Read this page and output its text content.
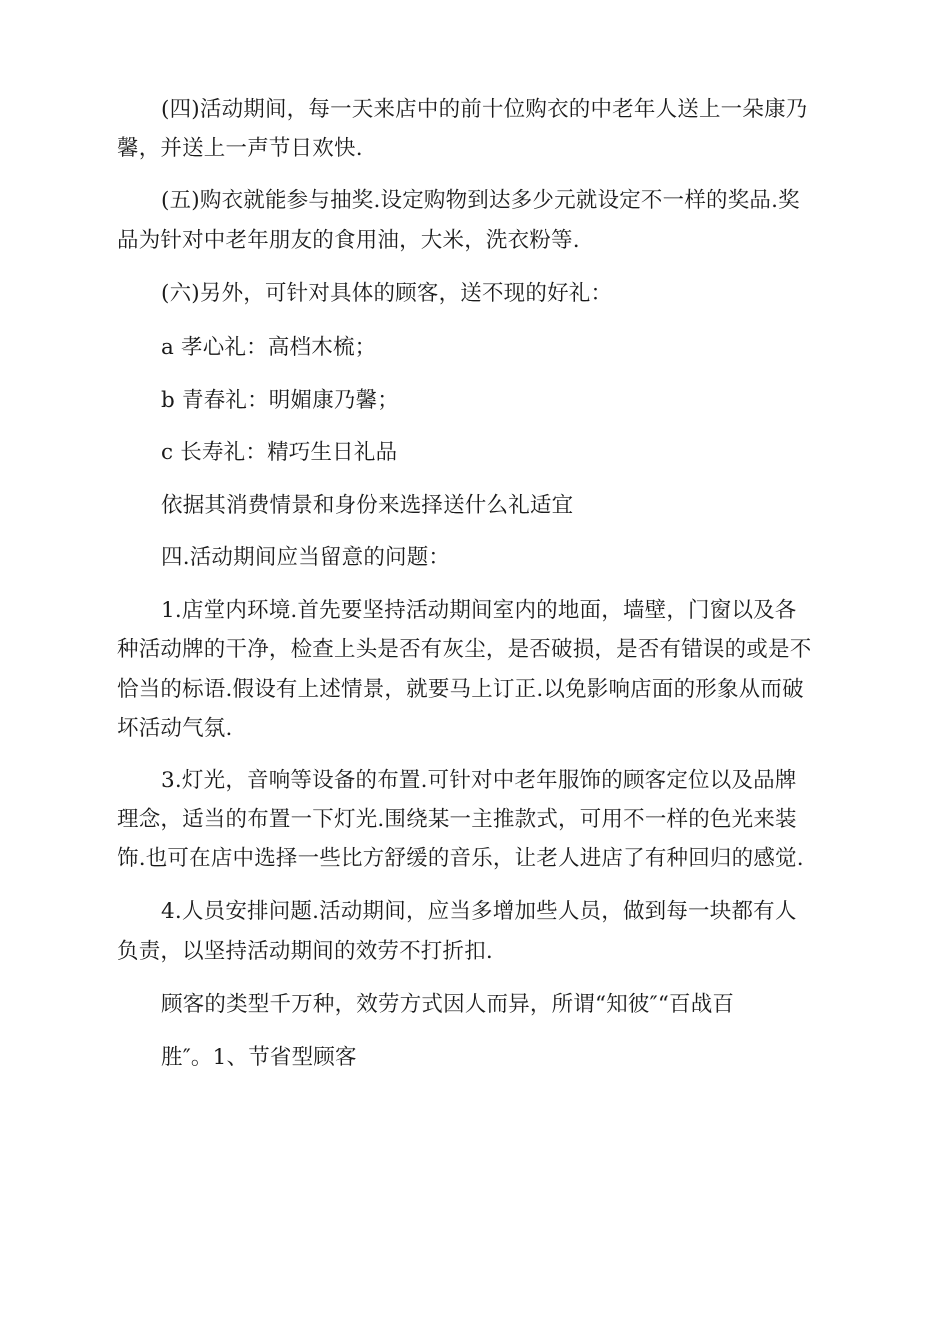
(四)活动期间，每一天来店中的前十位购衣的中老年人送上一朵康乃
馨，并送上一声节日欢快.
(五)购衣就能参与抽奖.设定购物到达多少元就设定不一样的奖品.奖
品为针对中老年朋友的食用油，大米，洗衣粉等.
(六)另外，可针对具体的顾客，送不现的好礼：
a 孝心礼：高档木梳；
b 青春礼：明媚康乃馨；
c 长寿礼：精巧生日礼品
依据其消费情景和身份来选择送什么礼适宜
四.活动期间应当留意的问题：
1.店堂内环境.首先要坚持活动期间室内的地面，墙壁，门窗以及各
种活动牌的干净，检查上头是否有灰尘，是否破损，是否有错误的或是不
恰当的标语.假设有上述情景，就要马上订正.以免影响店面的形象从而破
坏活动气氛.
3.灯光，音响等设备的布置.可针对中老年服饰的顾客定位以及品牌
理念，适当的布置一下灯光.围绕某一主推款式，可用不一样的色光来装
饰.也可在店中选择一些比方舒缓的音乐，让老人进店了有种回归的感觉.
4.人员安排问题.活动期间，应当多增加些人员，做到每一块都有人
负责，以坚持活动期间的效劳不打折扣.
顾客的类型千万种，效劳方式因人而异，所谓“知彼″“百战百
胜″。1、节省型顾客
